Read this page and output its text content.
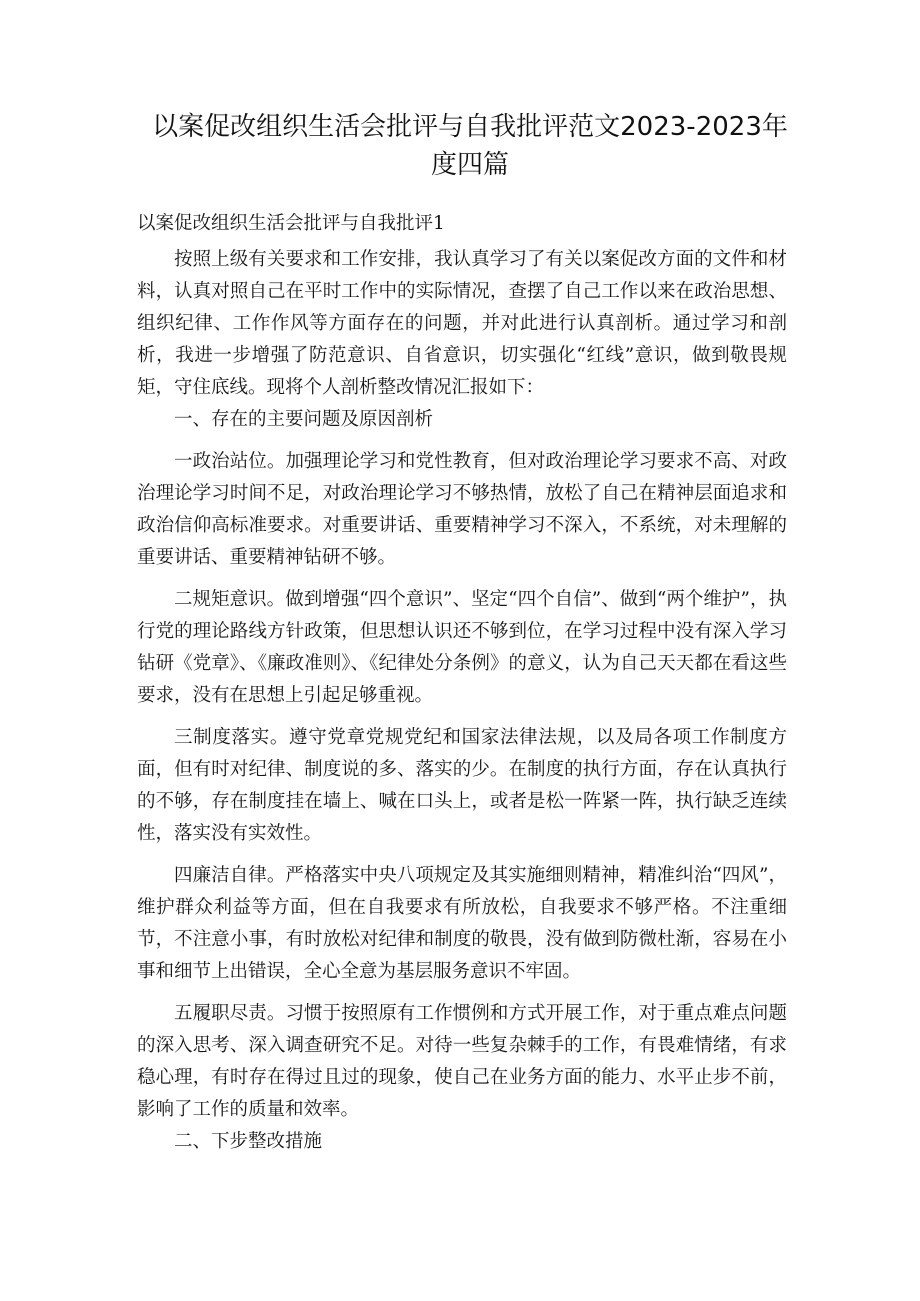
以案促改组织生活会批评与自我批评范文2023-2023年度四篇

以案促改组织生活会批评与自我批评1

按照上级有关要求和工作安排，我认真学习了有关以案促改方面的文件和材料，认真对照自己在平时工作中的实际情况，查摆了自己工作以来在政治思想、组织纪律、工作作风等方面存在的问题，并对此进行认真剖析。通过学习和剖析，我进一步增强了防范意识、自省意识，切实强化“红线”意识，做到敬畏规矩，守住底线。现将个人剖析整改情况汇报如下：

一、存在的主要问题及原因剖析

一政治站位。加强理论学习和党性教育，但对政治理论学习要求不高、对政治理论学习时间不足，对政治理论学习不够热情，放松了自己在精神层面追求和政治信仰高标准要求。对重要讲话、重要精神学习不深入，不系统，对未理解的重要讲话、重要精神钻研不够。

二规矩意识。做到增强“四个意识”、坚定“四个自信”、做到“两个维护”，执行党的理论路线方针政策，但思想认识还不够到位，在学习过程中没有深入学习钻研《党章》、《廉政准则》、《纪律处分条例》的意义，认为自己天天都在看这些要求，没有在思想上引起足够重视。

三制度落实。遵守党章党规党纪和国家法律法规，以及局各项工作制度方面，但有时对纪律、制度说的多、落实的少。在制度的执行方面，存在认真执行的不够，存在制度挂在墙上、喊在口头上，或者是松一阵紧一阵，执行缺乏连续性，落实没有实效性。

四廉洁自律。严格落实中央八项规定及其实施细则精神，精准纠治“四风”，维护群众利益等方面，但在自我要求有所放松，自我要求不够严格。不注重细节，不注意小事，有时放松对纪律和制度的敬畏，没有做到防微杜渐，容易在小事和细节上出错误，全心全意为基层服务意识不牢固。

五履职尽责。习惯于按照原有工作惯例和方式开展工作，对于重点难点问题的深入思考、深入调查研究不足。对待一些复杂棘手的工作，有畏难情绪，有求稳心理，有时存在得过且过的现象，使自己在业务方面的能力、水平止步不前，影响了工作的质量和效率。

二、下步整改措施
